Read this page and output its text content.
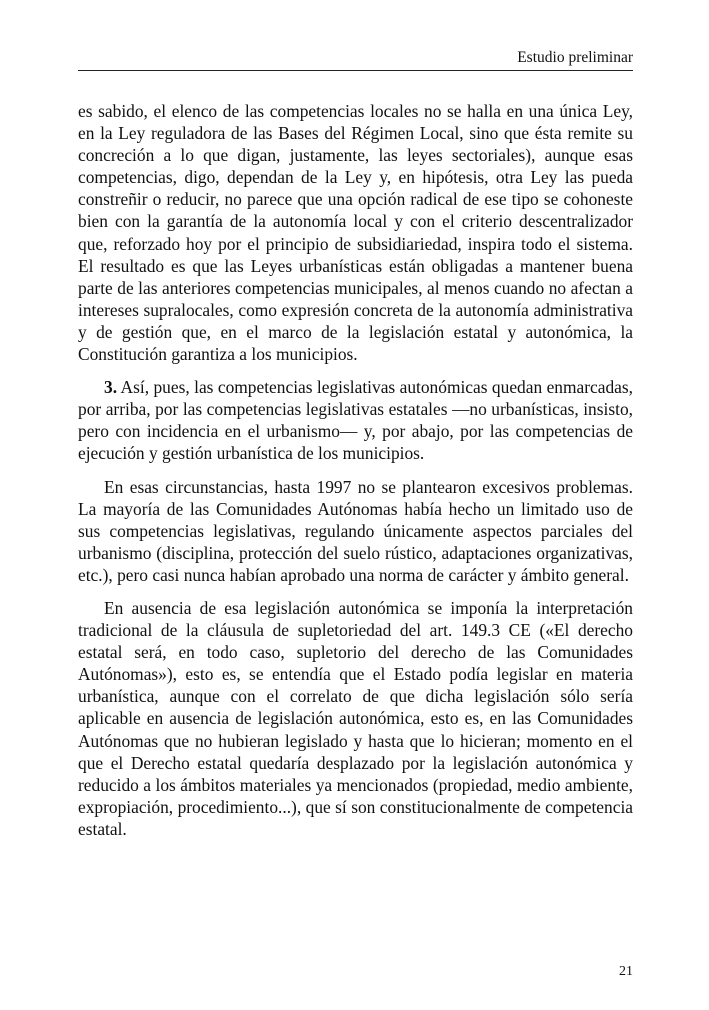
Estudio preliminar

es sabido, el elenco de las competencias locales no se halla en una única Ley, en la Ley reguladora de las Bases del Régimen Local, sino que ésta remite su concreción a lo que digan, justamente, las leyes sectoriales), aunque esas competencias, digo, dependan de la Ley y, en hipótesis, otra Ley las pueda constreñir o reducir, no parece que una opción radical de ese tipo se cohoneste bien con la garantía de la autonomía local y con el criterio descentralizador que, reforzado hoy por el principio de subsidiariedad, inspira todo el sistema. El resultado es que las Leyes urbanísticas están obligadas a mantener buena parte de las anteriores competencias municipales, al menos cuando no afectan a intereses supralocales, como expresión concreta de la autonomía administrativa y de gestión que, en el marco de la legislación estatal y autonómica, la Constitución garantiza a los municipios.

3. Así, pues, las competencias legislativas autonómicas quedan enmarcadas, por arriba, por las competencias legislativas estatales —no urbanísticas, insisto, pero con incidencia en el urbanismo— y, por abajo, por las competencias de ejecución y gestión urbanística de los municipios.

En esas circunstancias, hasta 1997 no se plantearon excesivos problemas. La mayoría de las Comunidades Autónomas había hecho un limitado uso de sus competencias legislativas, regulando únicamente aspectos parciales del urbanismo (disciplina, protección del suelo rústico, adaptaciones organizativas, etc.), pero casi nunca habían aprobado una norma de carácter y ámbito general.

En ausencia de esa legislación autonómica se imponía la interpretación tradicional de la cláusula de supletoriedad del art. 149.3 CE («El derecho estatal será, en todo caso, supletorio del derecho de las Comunidades Autónomas»), esto es, se entendía que el Estado podía legislar en materia urbanística, aunque con el correlato de que dicha legislación sólo sería aplicable en ausencia de legislación autonómica, esto es, en las Comunidades Autónomas que no hubieran legislado y hasta que lo hicieran; momento en el que el Derecho estatal quedaría desplazado por la legislación autonómica y reducido a los ámbitos materiales ya mencionados (propiedad, medio ambiente, expropiación, procedimiento...), que sí son constitucionalmente de competencia estatal.

21
